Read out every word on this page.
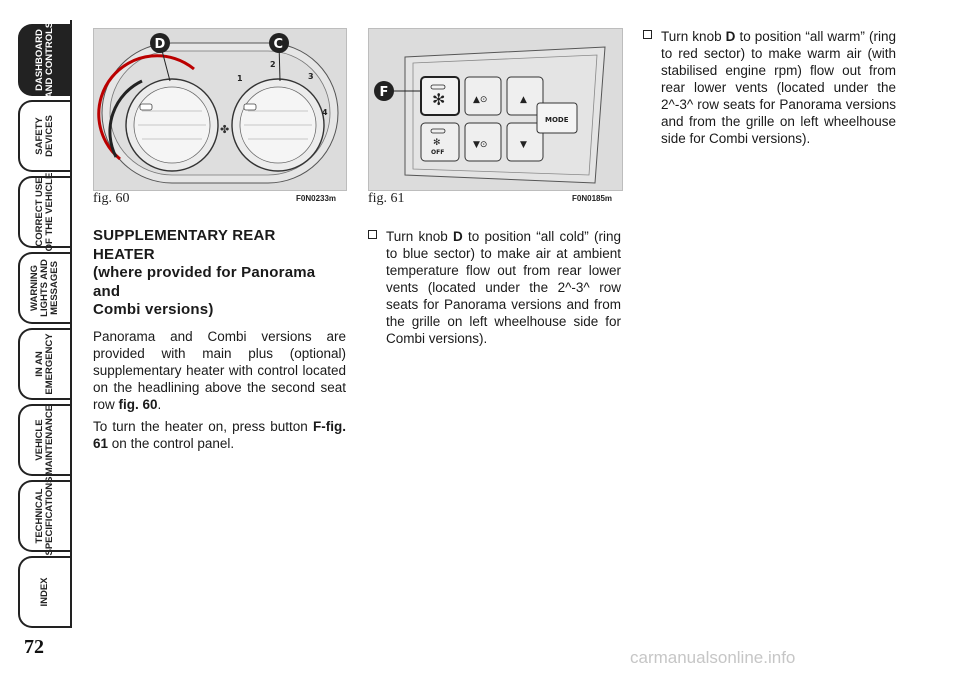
DASHBOARD
AND CONTROLS
SAFETY
DEVICES
CORRECT USE
OF THE VEHICLE
WARNING
LIGHTS AND
MESSAGES
IN AN
EMERGENCY
VEHICLE
MAINTENANCE
TECHNICAL
SPECIFICATIONS
INDEX
72
✤
1
2
3
4
D	C
fig. 60	F0N0233m
MODE
✻	▲⊙	▲
✻
OFF
▼⊙	▼
F
fig. 61	F0N0185m
SUPPLEMENTARY REAR
HEATER
(where provided for Panorama and
Combi versions)

Panorama and Combi versions are provided with main plus (optional) supplementary heater with control located on the headlining above the second seat row fig. 60.

To turn the heater on, press button F-fig. 61 on the control panel.

Turn knob D to position “all cold” (ring to blue sector) to make air at ambient temperature flow out from rear lower vents (located under the 2^-3^ row seats for Panorama versions and from the grille on left wheelhouse side for Combi versions).
Turn knob D to position “all warm” (ring to red sector) to make warm air (with stabilised engine rpm) flow out from rear lower vents (located under the 2^-3^ row seats for Panorama versions and from the grille on left wheelhouse side for Combi versions).
carmanualsonline.info
